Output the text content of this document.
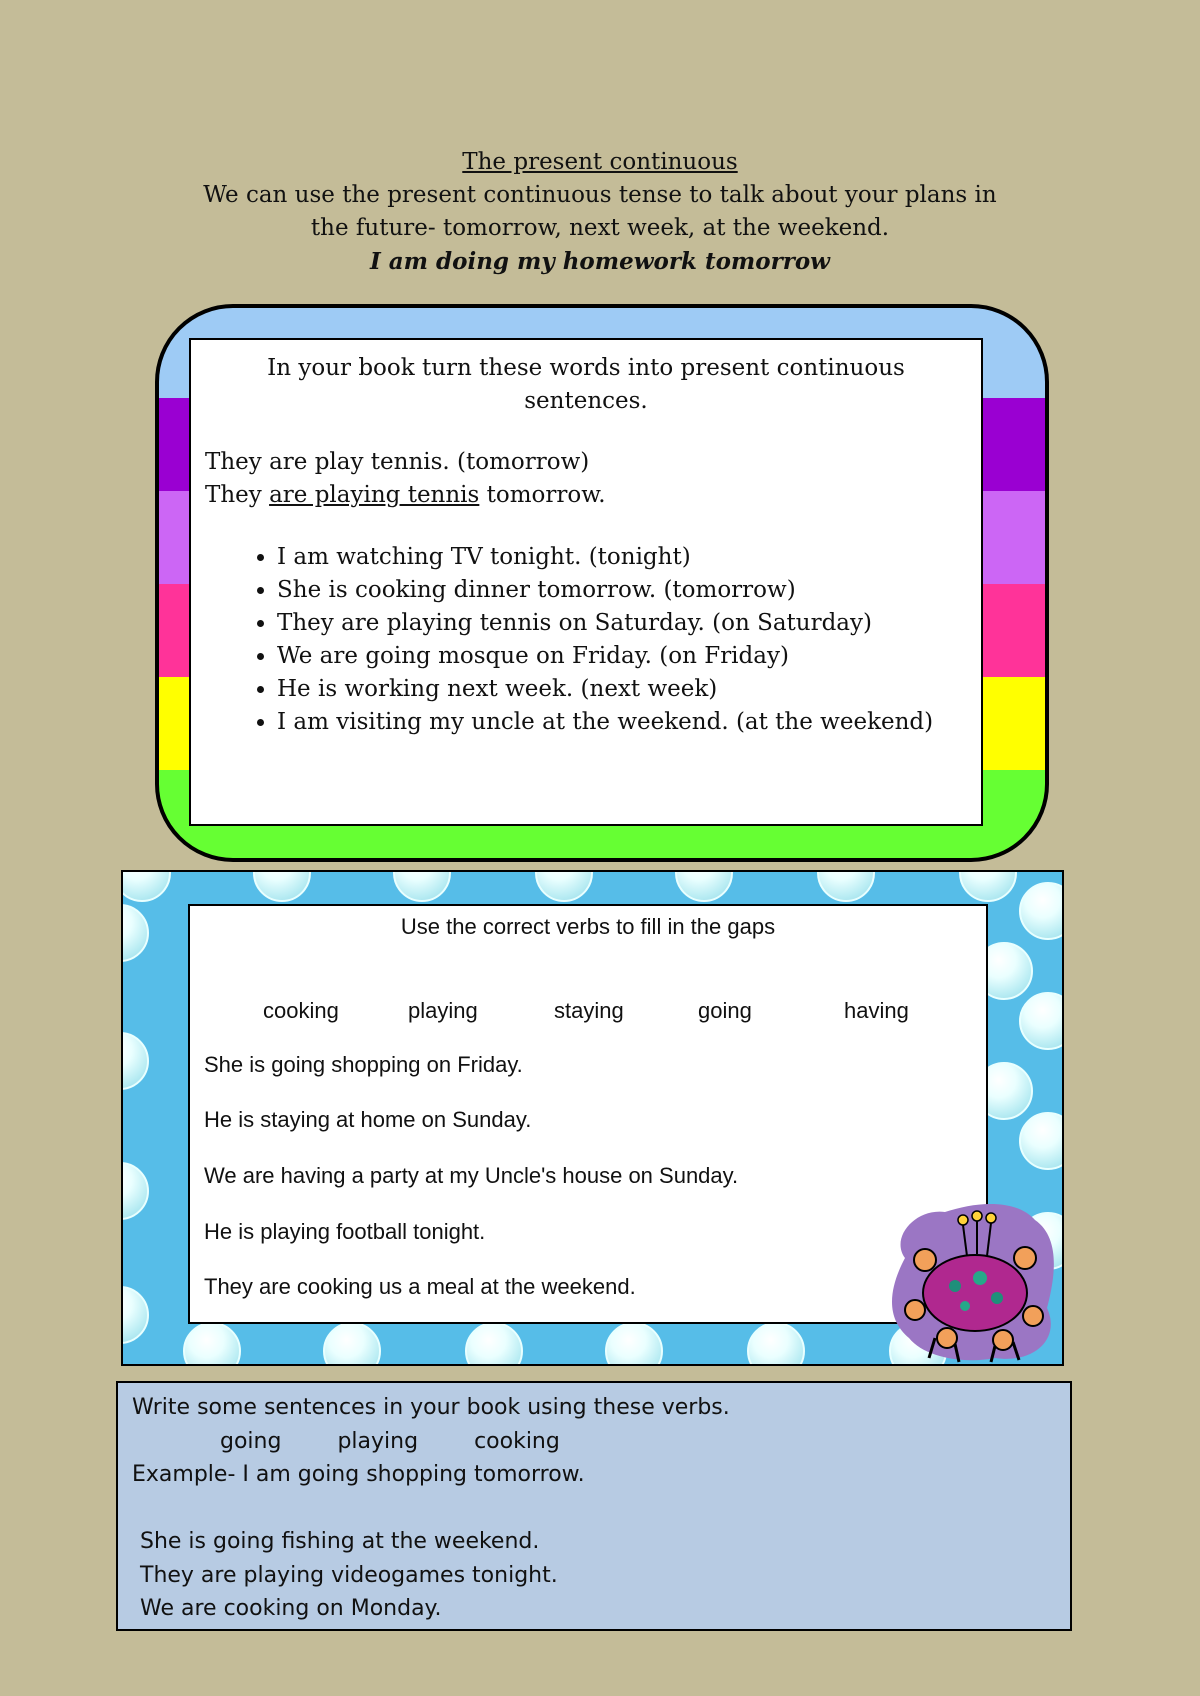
The present continuous
We can use the present continuous tense to talk about your plans in
the future- tomorrow, next week, at the weekend.
I am doing my homework tomorrow
In your book turn these words into present continuous
sentences.
They are play tennis. (tomorrow)
They are playing tennis tomorrow.
• I am watching TV tonight. (tonight)
• She is cooking dinner tomorrow. (tomorrow)
• They are playing tennis on Saturday. (on Saturday)
• We are going mosque on Friday. (on Friday)
• He is working next week. (next week)
• I am visiting my uncle at the weekend. (at the weekend)
Use the correct verbs to fill in the gaps
cooking	playing	staying	going	having
She is going shopping on Friday.
He is staying at home on Sunday.
We are having a party at my Uncle's house on Sunday.
He is playing football tonight.
They are cooking us a meal at the weekend.
Write some sentences in your book using these verbs.
going	playing	cooking
Example- I am going shopping tomorrow.
She is going fishing at the weekend.
They are playing videogames tonight.
We are cooking on Monday.
